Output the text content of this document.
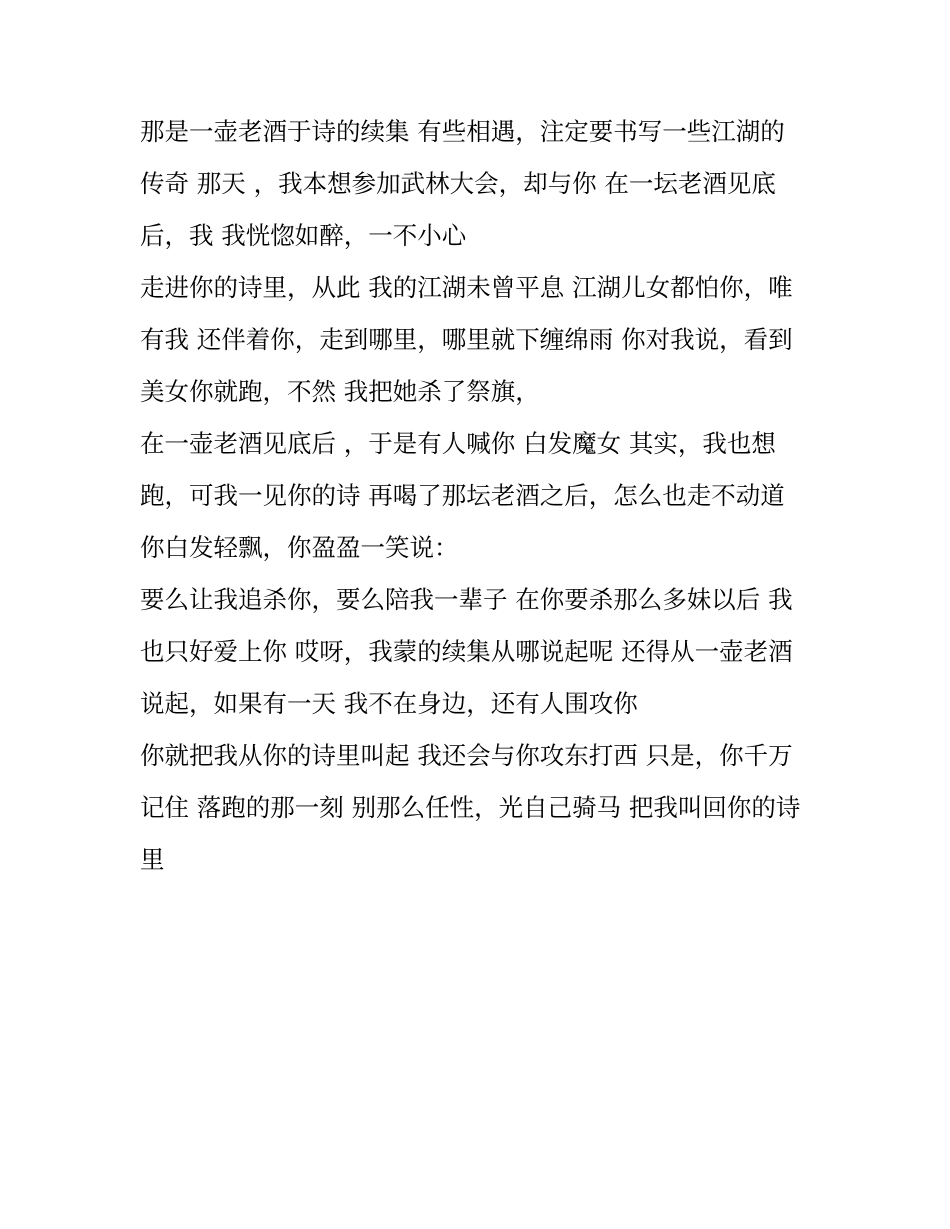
那是一壶老酒于诗的续集 有些相遇，注定要书写一些江湖的
传奇 那天 ，我本想参加武林大会，却与你 在一坛老酒见底
后，我 我恍惚如醉，一不小心
走进你的诗里，从此 我的江湖未曾平息 江湖儿女都怕你，唯
有我 还伴着你，走到哪里，哪里就下缠绵雨 你对我说，看到
美女你就跑，不然 我把她杀了祭旗，
在一壶老酒见底后 ，于是有人喊你 白发魔女 其实，我也想
跑，可我一见你的诗 再喝了那坛老酒之后，怎么也走不动道
你白发轻飘，你盈盈一笑说：
要么让我追杀你，要么陪我一辈子 在你要杀那么多妹以后 我
也只好爱上你 哎呀，我蒙的续集从哪说起呢 还得从一壶老酒
说起，如果有一天 我不在身边，还有人围攻你
你就把我从你的诗里叫起 我还会与你攻东打西 只是，你千万
记住 落跑的那一刻 别那么任性，光自己骑马 把我叫回你的诗
里
